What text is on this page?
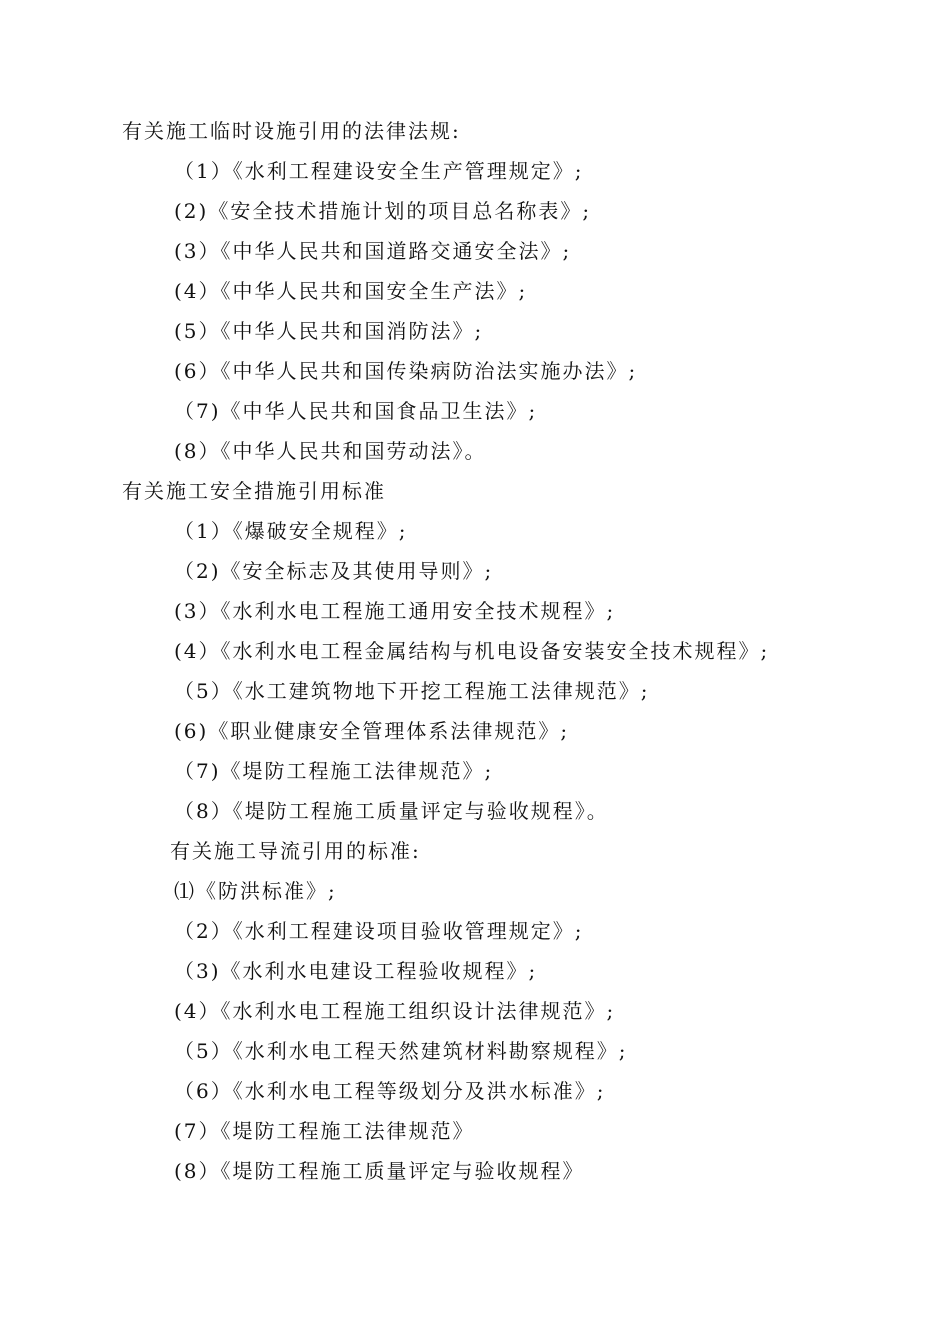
有关施工临时设施引用的法律法规:
（1）《水利工程建设安全生产管理规定》;
(2)《安全技术措施计划的项目总名称表》;
(3）《中华人民共和国道路交通安全法》;
(4）《中华人民共和国安全生产法》;
(5）《中华人民共和国消防法》;
(6）《中华人民共和国传染病防治法实施办法》;
（7)《中华人民共和国食品卫生法》;
(8）《中华人民共和国劳动法》。
有关施工安全措施引用标准
（1）《爆破安全规程》;
（2)《安全标志及其使用导则》;
(3）《水利水电工程施工通用安全技术规程》;
(4）《水利水电工程金属结构与机电设备安装安全技术规程》;
（5）《水工建筑物地下开挖工程施工法律规范》;
(6)《职业健康安全管理体系法律规范》;
（7)《堤防工程施工法律规范》;
（8）《堤防工程施工质量评定与验收规程》。
有关施工导流引用的标准:
⑴《防洪标准》;
（2）《水利工程建设项目验收管理规定》;
（3)《水利水电建设工程验收规程》;
(4）《水利水电工程施工组织设计法律规范》;
（5）《水利水电工程天然建筑材料勘察规程》;
（6）《水利水电工程等级划分及洪水标准》;
(7）《堤防工程施工法律规范》
(8）《堤防工程施工质量评定与验收规程》
